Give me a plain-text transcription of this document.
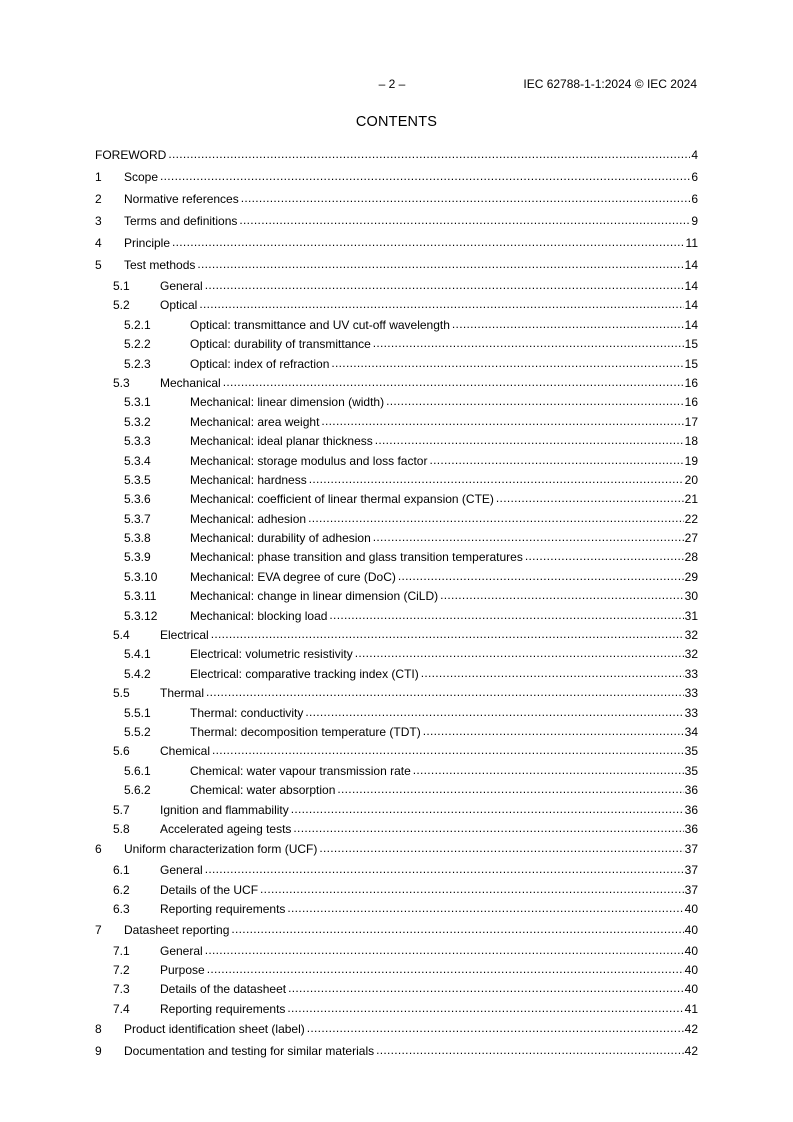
– 2 –	IEC 62788-1-1:2024 © IEC 2024
CONTENTS
FOREWORD .....	4
1	Scope .....	6
2	Normative references .....	6
3	Terms and definitions .....	9
4	Principle .....	11
5	Test methods .....	14
5.1	General .....	14
5.2	Optical .....	14
5.2.1	Optical: transmittance and UV cut-off wavelength .....	14
5.2.2	Optical: durability of transmittance .....	15
5.2.3	Optical: index of refraction .....	15
5.3	Mechanical .....	16
5.3.1	Mechanical: linear dimension (width) .....	16
5.3.2	Mechanical: area weight .....	17
5.3.3	Mechanical: ideal planar thickness .....	18
5.3.4	Mechanical: storage modulus and loss factor .....	19
5.3.5	Mechanical: hardness .....	20
5.3.6	Mechanical: coefficient of linear thermal expansion (CTE) .....	21
5.3.7	Mechanical: adhesion .....	22
5.3.8	Mechanical: durability of adhesion .....	27
5.3.9	Mechanical: phase transition and glass transition temperatures .....	28
5.3.10	Mechanical: EVA degree of cure (DoC) .....	29
5.3.11	Mechanical: change in linear dimension (CiLD) .....	30
5.3.12	Mechanical: blocking load .....	31
5.4	Electrical .....	32
5.4.1	Electrical: volumetric resistivity .....	32
5.4.2	Electrical: comparative tracking index (CTI) .....	33
5.5	Thermal .....	33
5.5.1	Thermal: conductivity .....	33
5.5.2	Thermal: decomposition temperature (TDT) .....	34
5.6	Chemical .....	35
5.6.1	Chemical: water vapour transmission rate .....	35
5.6.2	Chemical: water absorption .....	36
5.7	Ignition and flammability .....	36
5.8	Accelerated ageing tests .....	36
6	Uniform characterization form (UCF) .....	37
6.1	General .....	37
6.2	Details of the UCF .....	37
6.3	Reporting requirements .....	40
7	Datasheet reporting .....	40
7.1	General .....	40
7.2	Purpose .....	40
7.3	Details of the datasheet .....	40
7.4	Reporting requirements .....	41
8	Product identification sheet (label) .....	42
9	Documentation and testing for similar materials .....	42
